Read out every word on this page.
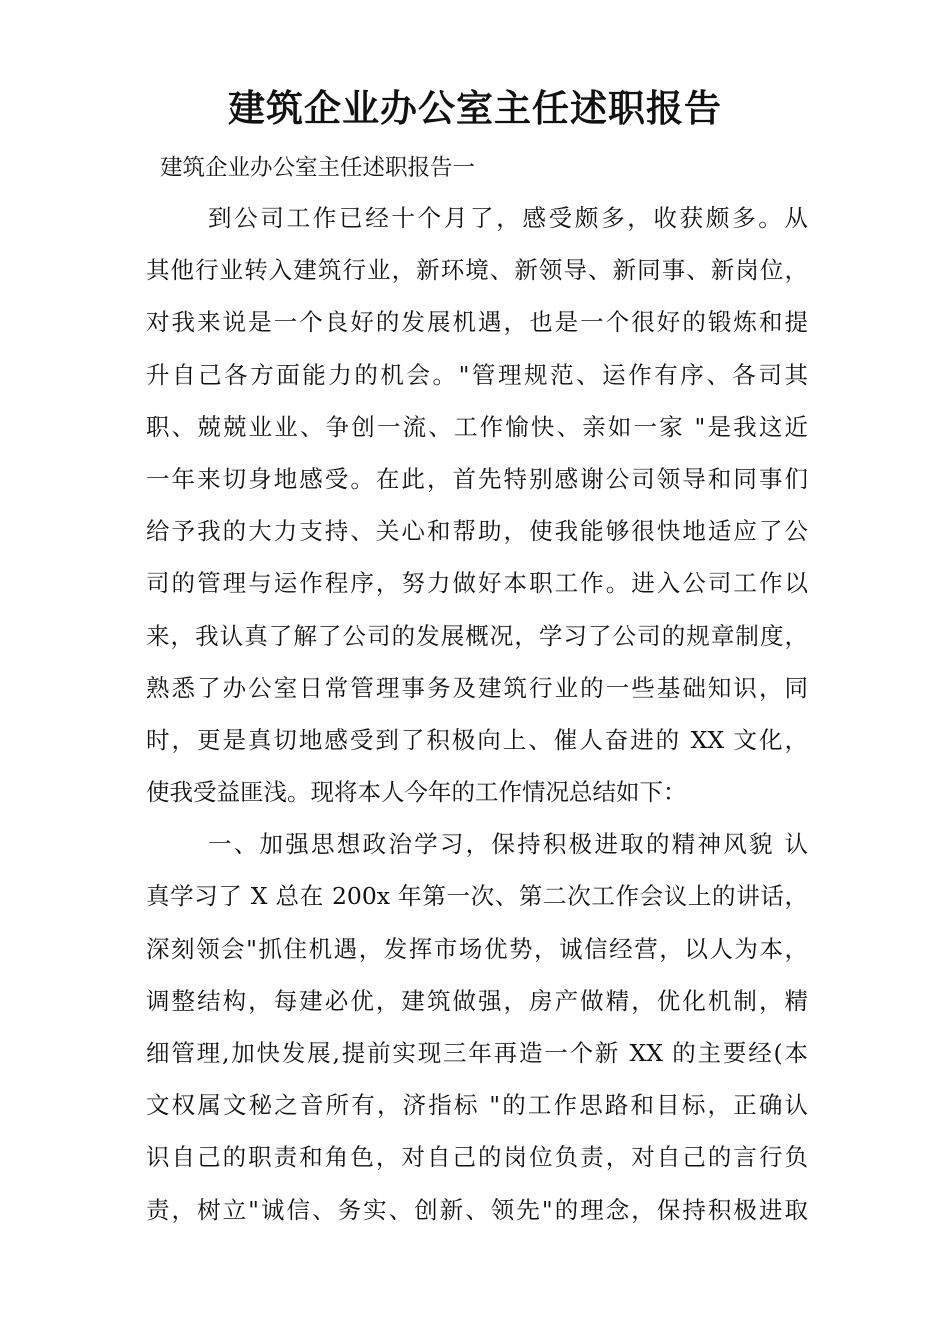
建筑企业办公室主任述职报告

建筑企业办公室主任述职报告一

到公司工作已经十个月了，感受颇多，收获颇多。从
其他行业转入建筑行业，新环境、新领导、新同事、新岗位，
对我来说是一个良好的发展机遇，也是一个很好的锻炼和提
升自己各方面能力的机会。"管理规范、运作有序、各司其
职、兢兢业业、争创一流、工作愉快、亲如一家 "是我这近
一年来切身地感受。在此，首先特别感谢公司领导和同事们
给予我的大力支持、关心和帮助，使我能够很快地适应了公
司的管理与运作程序，努力做好本职工作。进入公司工作以
来，我认真了解了公司的发展概况，学习了公司的规章制度，
熟悉了办公室日常管理事务及建筑行业的一些基础知识，同
时，更是真切地感受到了积极向上、催人奋进的 XX 文化，
使我受益匪浅。现将本人今年的工作情况总结如下：
一、加强思想政治学习，保持积极进取的精神风貌 认
真学习了 X 总在 200x 年第一次、第二次工作会议上的讲话，
深刻领会"抓住机遇，发挥市场优势，诚信经营，以人为本，
调整结构，每建必优，建筑做强，房产做精，优化机制，精
细管理,加快发展,提前实现三年再造一个新 XX 的主要经(本
文权属文秘之音所有，济指标 "的工作思路和目标，正确认
识自己的职责和角色，对自己的岗位负责，对自己的言行负
责，树立"诚信、务实、创新、领先"的理念，保持积极进取
